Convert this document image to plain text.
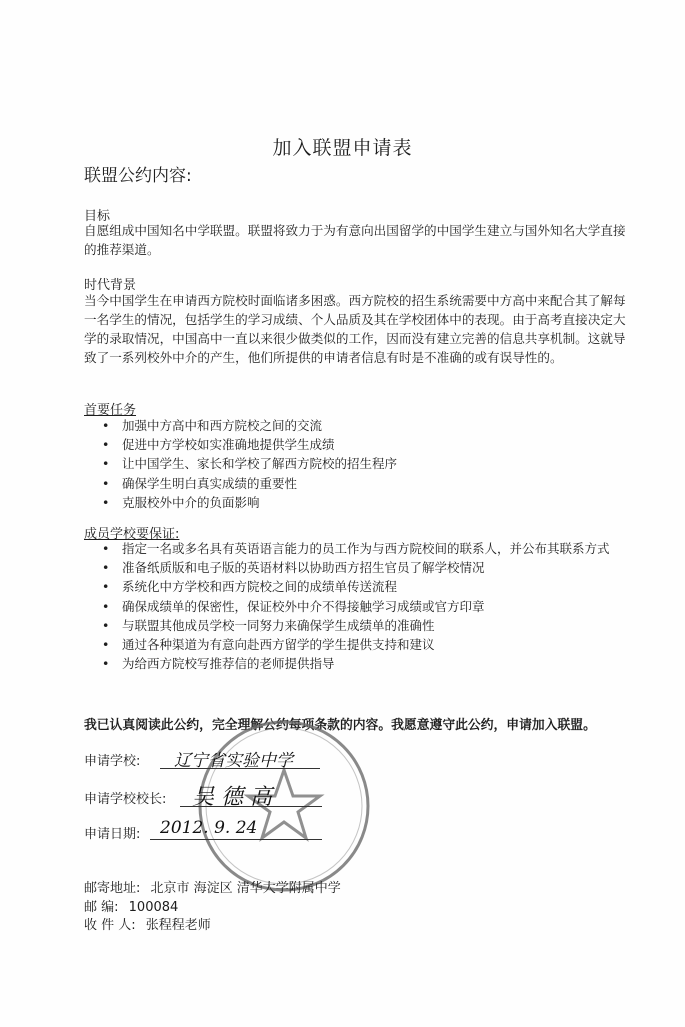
加入联盟申请表
联盟公约内容:
目标
自愿组成中国知名中学联盟。联盟将致力于为有意向出国留学的中国学生建立与国外知名大学直接的推荐渠道。
时代背景
当今中国学生在申请西方院校时面临诸多困惑。西方院校的招生系统需要中方高中来配合其了解每一名学生的情况，包括学生的学习成绩、个人品质及其在学校团体中的表现。由于高考直接决定大学的录取情况，中国高中一直以来很少做类似的工作，因而没有建立完善的信息共享机制。这就导致了一系列校外中介的产生，他们所提供的申请者信息有时是不准确的或有误导性的。
首要任务
• 加强中方高中和西方院校之间的交流
• 促进中方学校如实准确地提供学生成绩
• 让中国学生、家长和学校了解西方院校的招生程序
• 确保学生明白真实成绩的重要性
• 克服校外中介的负面影响
成员学校要保证:
• 指定一名或多名具有英语语言能力的员工作为与西方院校间的联系人，并公布其联系方式
• 准备纸质版和电子版的英语材料以协助西方招生官员了解学校情况
• 系统化中方学校和西方院校之间的成绩单传送流程
• 确保成绩单的保密性，保证校外中介不得接触学习成绩或官方印章
• 与联盟其他成员学校一同努力来确保学生成绩单的准确性
• 通过各种渠道为有意向赴西方留学的学生提供支持和建议
• 为给西方院校写推荐信的老师提供指导
我已认真阅读此公约，完全理解公约每项条款的内容。我愿意遵守此公约，申请加入联盟。
申请学校: 辽宁省实验中学
申请学校校长: 吴 德 高
申请日期: 2012. 9. 24
邮寄地址: 北京市 海淀区 清华大学附属中学
邮 编: 100084
收 件 人: 张程程老师
